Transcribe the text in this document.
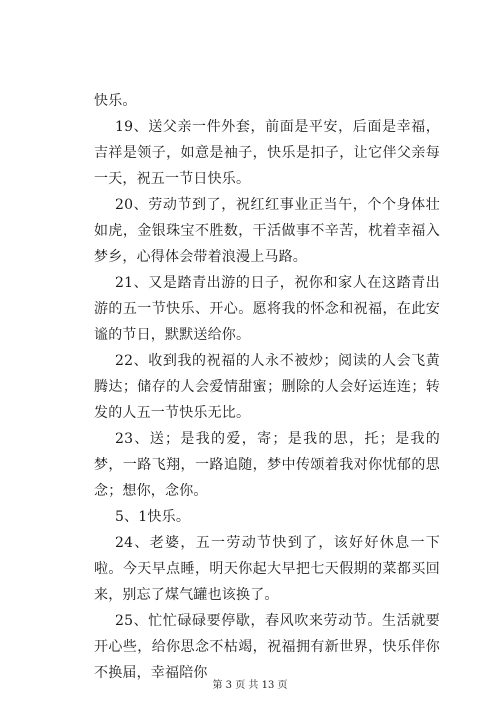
快乐。

19、送父亲一件外套，前面是平安，后面是幸福，吉祥是领子，如意是袖子，快乐是扣子，让它伴父亲每一天，祝五一节日快乐。

20、劳动节到了，祝红红事业正当午，个个身体壮如虎，金银珠宝不胜数，干活做事不辛苦，枕着幸福入梦乡，心得体会带着浪漫上马路。

21、又是踏青出游的日子，祝你和家人在这踏青出游的五一节快乐、开心。愿将我的怀念和祝福，在此安谧的节日，默默送给你。

22、收到我的祝福的人永不被炒；阅读的人会飞黄腾达；储存的人会爱情甜蜜；删除的人会好运连连；转发的人五一节快乐无比。

23、送；是我的爱，寄；是我的思，托；是我的梦，一路飞翔，一路追随，梦中传颂着我对你忧郁的思念；想你，念你。

5、1快乐。

24、老婆，五一劳动节快到了，该好好休息一下啦。今天早点睡，明天你起大早把七天假期的菜都买回来，别忘了煤气罐也该换了。

25、忙忙碌碌要停歇，春风吹来劳动节。生活就要开心些，给你思念不枯竭，祝福拥有新世界，快乐伴你不换届，幸福陪你

第 3 页 共 13 页
